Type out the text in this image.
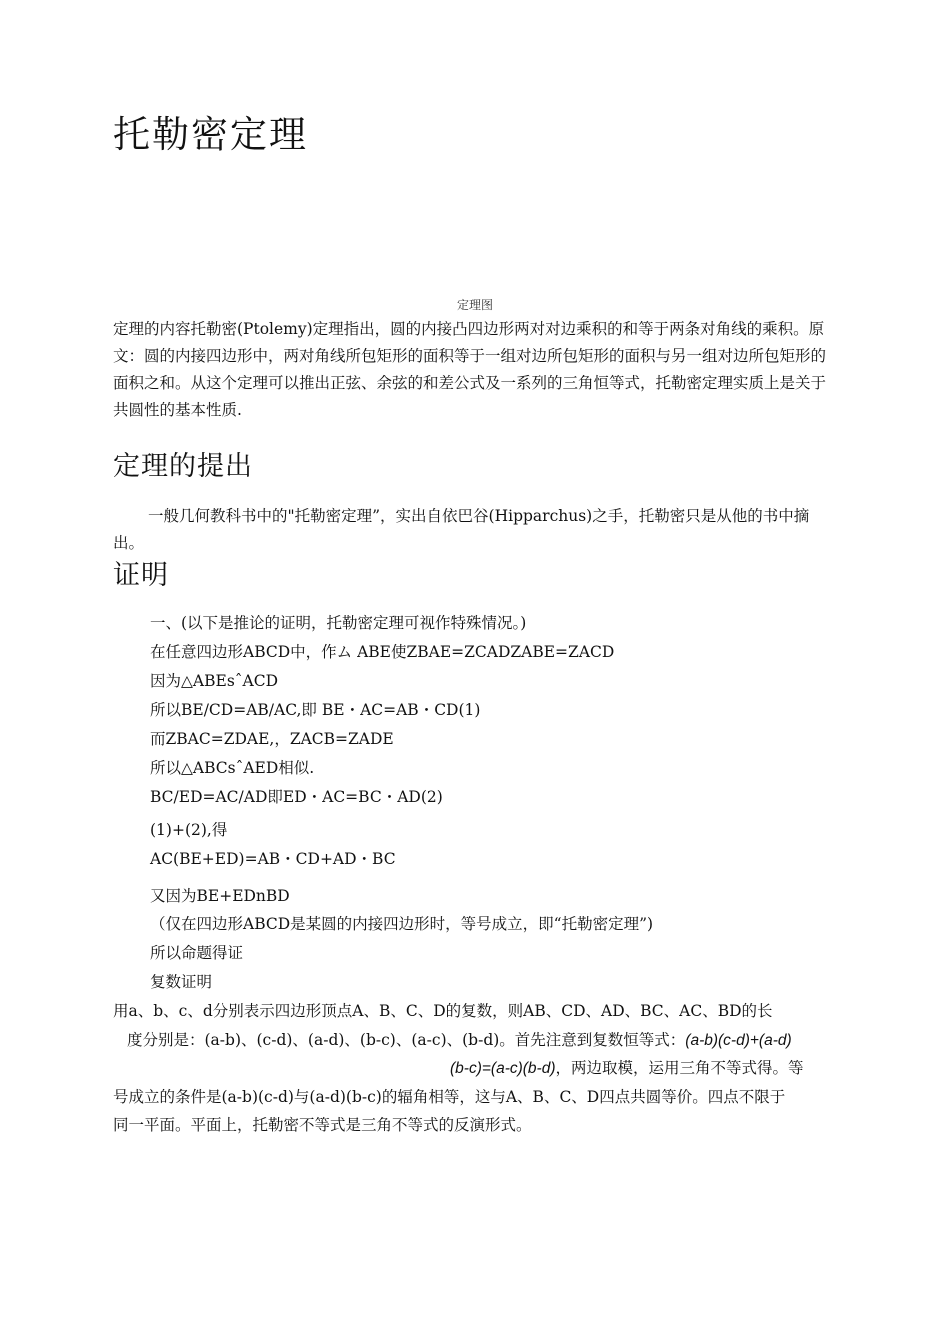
托勒密定理
定理图

定理的内容托勒密(Ptolemy)定理指出，圆的内接凸四边形两对对边乘积的和等于两条对角线的乘积。原文：圆的内接四边形中，两对角线所包矩形的面积等于一组对边所包矩形的面积与另一组对边所包矩形的面积之和。从这个定理可以推出正弦、余弦的和差公式及一系列的三角恒等式，托勒密定理实质上是关于共圆性的基本性质.

定理的提出

一般几何教科书中的"托勒密定理”，实出自依巴谷(Hipparchus)之手，托勒密只是从他的书中摘出。

证明
一、(以下是推论的证明，托勒密定理可视作特殊情况。)
在任意四边形ABCD中，作ム ABE使ZBAE=ZCADZABE=ZACD
因为△ABEsˆACD
所以BE/CD=AB/AC,即 BE・AC=AB・CD(1)
而ZBAC=ZDAE,，ZACB=ZADE
所以△ABCsˆAED相似.
BC/ED=AC/AD即ED・AC=BC・AD(2)
(1)+(2),得
AC(BE+ED)=AB・CD+AD・BC
又因为BE+EDnBD
（仅在四边形ABCD是某圆的内接四边形时，等号成立，即“托勒密定理”)
所以命题得证
复数证明
用a、b、c、d分别表示四边形顶点A、B、C、D的复数，则AB、CD、AD、BC、AC、BD的长
度分别是：(a-b)、(c-d)、(a-d)、(b-c)、(a-c)、(b-d)。首先注意到复数恒等式：(a-b)(c-d)+(a-d)
(b-c)=(a-c)(b-d)，两边取模，运用三角不等式得。等
号成立的条件是(a-b)(c-d)与(a-d)(b-c)的辐角相等，这与A、B、C、D四点共圆等价。四点不限于
同一平面。平面上，托勒密不等式是三角不等式的反演形式。
